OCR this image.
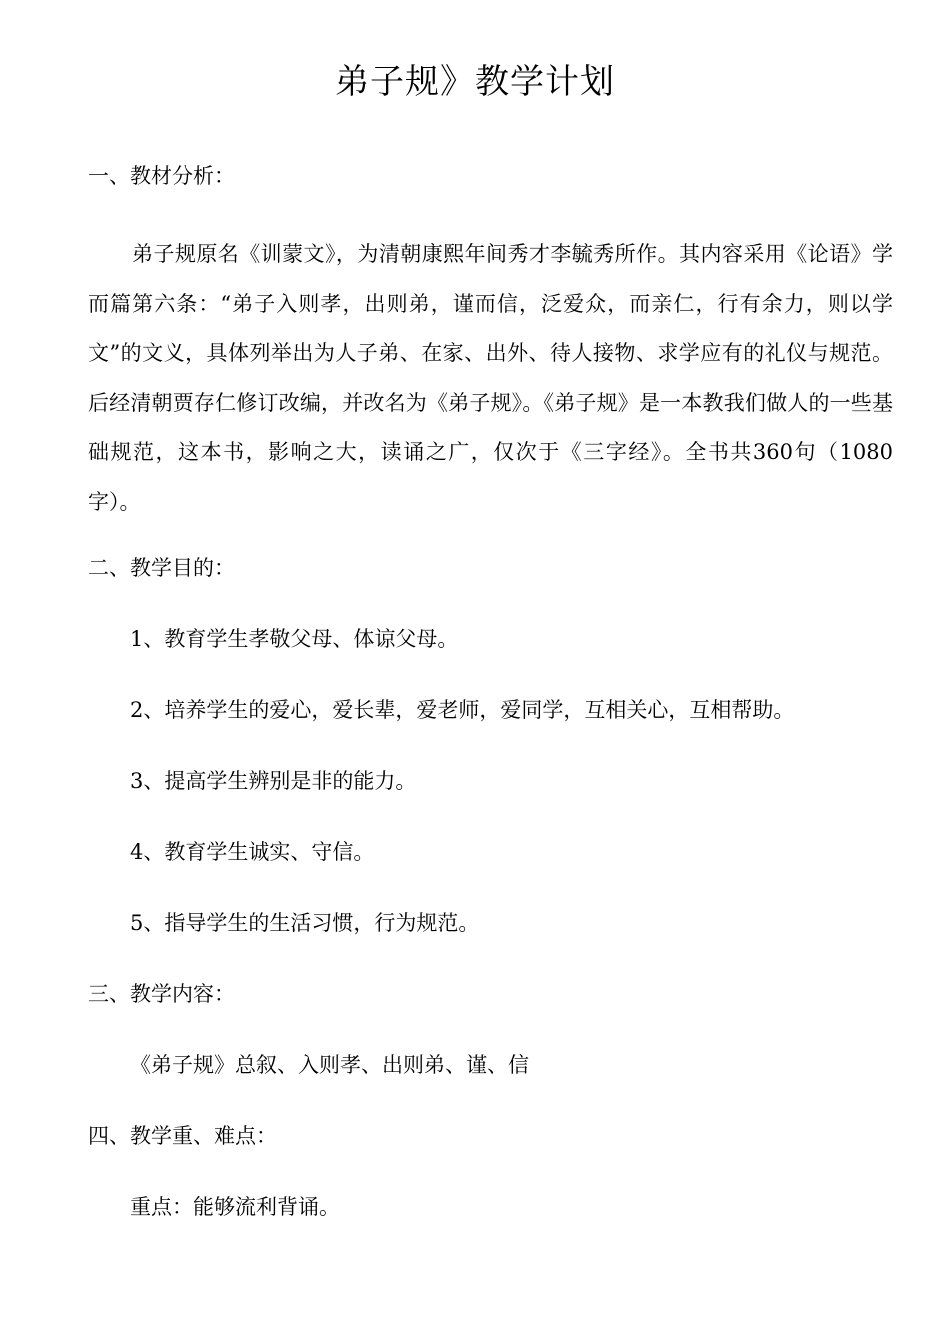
弟子规》教学计划
一、教材分析：

弟子规原名《训蒙文》，为清朝康熙年间秀才李毓秀所作。其内容采用《论语》学而篇第六条：“弟子入则孝，出则弟，谨而信，泛爱众，而亲仁，行有余力，则以学文”的文义，具体列举出为人子弟、在家、出外、待人接物、求学应有的礼仪与规范。后经清朝贾存仁修订改编，并改名为《弟子规》。《弟子规》是一本教我们做人的一些基础规范，这本书，影响之大，读诵之广，仅次于《三字经》。全书共360句（1080字）。

二、教学目的：
1、教育学生孝敬父母、体谅父母。
2、培养学生的爱心，爱长辈，爱老师，爱同学，互相关心，互相帮助。
3、提高学生辨别是非的能力。
4、教育学生诚实、守信。
5、指导学生的生活习惯，行为规范。
三、教学内容：
《弟子规》总叙、入则孝、出则弟、谨、信
四、教学重、难点：
重点：能够流利背诵。
